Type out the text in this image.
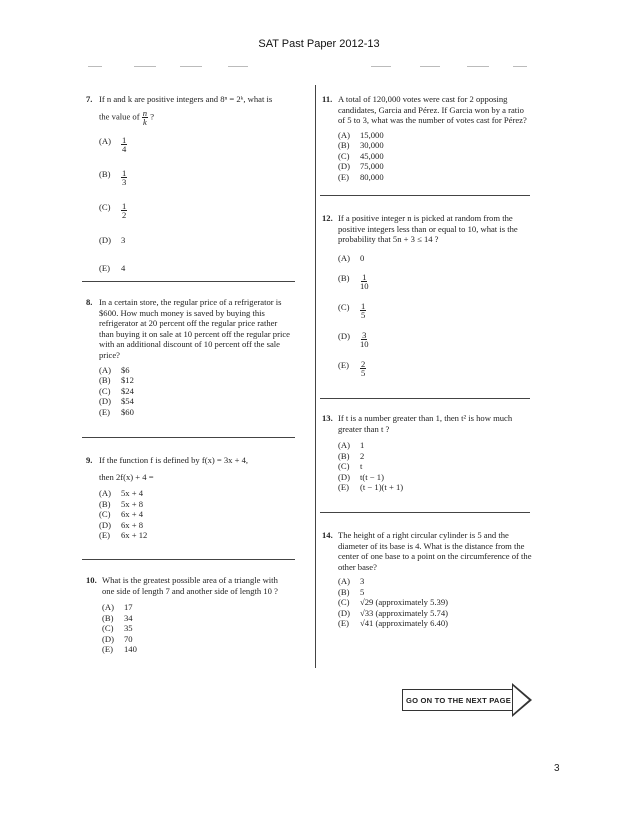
SAT Past Paper 2012-13
7. If n and k are positive integers and 8ⁿ = 2ᵏ, what is
the value of $\frac{n}{k}$ ?
(A)	$\frac{1}{4}$
(B)	$\frac{1}{3}$
(C)	$\frac{1}{2}$
(D)	3
(E)	4
8. In a certain store, the regular price of a refrigerator is $600. How much money is saved by buying this refrigerator at 20 percent off the regular price rather than buying it on sale at 10 percent off the regular price with an additional discount of 10 percent off the sale price?
(A)	$6
(B)	$12
(C)	$24
(D)	$54
(E)	$60
9. If the function f is defined by f(x) = 3x + 4,
then 2f(x) + 4 =
(A)	5x + 4
(B)	5x + 8
(C)	6x + 4
(D)	6x + 8
(E)	6x + 12
10. What is the greatest possible area of a triangle with one side of length 7 and another side of length 10 ?
(A)	17
(B)	34
(C)	35
(D)	70
(E)	140
11. A total of 120,000 votes were cast for 2 opposing candidates, Garcia and Pérez. If Garcia won by a ratio of 5 to 3, what was the number of votes cast for Pérez?
(A)	15,000
(B)	30,000
(C)	45,000
(D)	75,000
(E)	80,000
12. If a positive integer n is picked at random from the positive integers less than or equal to 10, what is the probability that 5n + 3 ≤ 14 ?
(A)	0
(B)	$\frac{1}{10}$
(C)	$\frac{1}{5}$
(D)	$\frac{3}{10}$
(E)	$\frac{2}{5}$
13. If t is a number greater than 1, then t² is how much greater than t ?
(A)	1
(B)	2
(C)	t
(D)	t(t − 1)
(E)	(t − 1)(t + 1)
14. The height of a right circular cylinder is 5 and the diameter of its base is 4. What is the distance from the center of one base to a point on the circumference of the other base?
(A)	3
(B)	5
(C)	√29 (approximately 5.39)
(D)	√33 (approximately 5.74)
(E)	√41 (approximately 6.40)
GO ON TO THE NEXT PAGE
3
